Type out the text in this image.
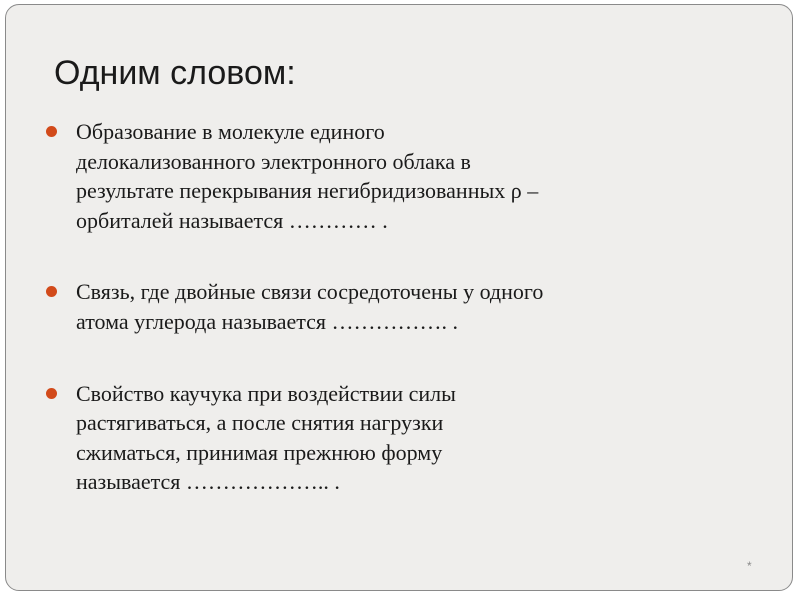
Одним словом:
Образование в молекуле единого
делокализованного электронного облака в
результате перекрывания негибридизованных ρ –
орбиталей называется ………… .
Связь, где двойные связи сосредоточены у одного
атома углерода называется ……………. .
Свойство каучука при воздействии силы
растягиваться, а после снятия нагрузки
сжиматься, принимая прежнюю форму
называется ……………….. .
*
